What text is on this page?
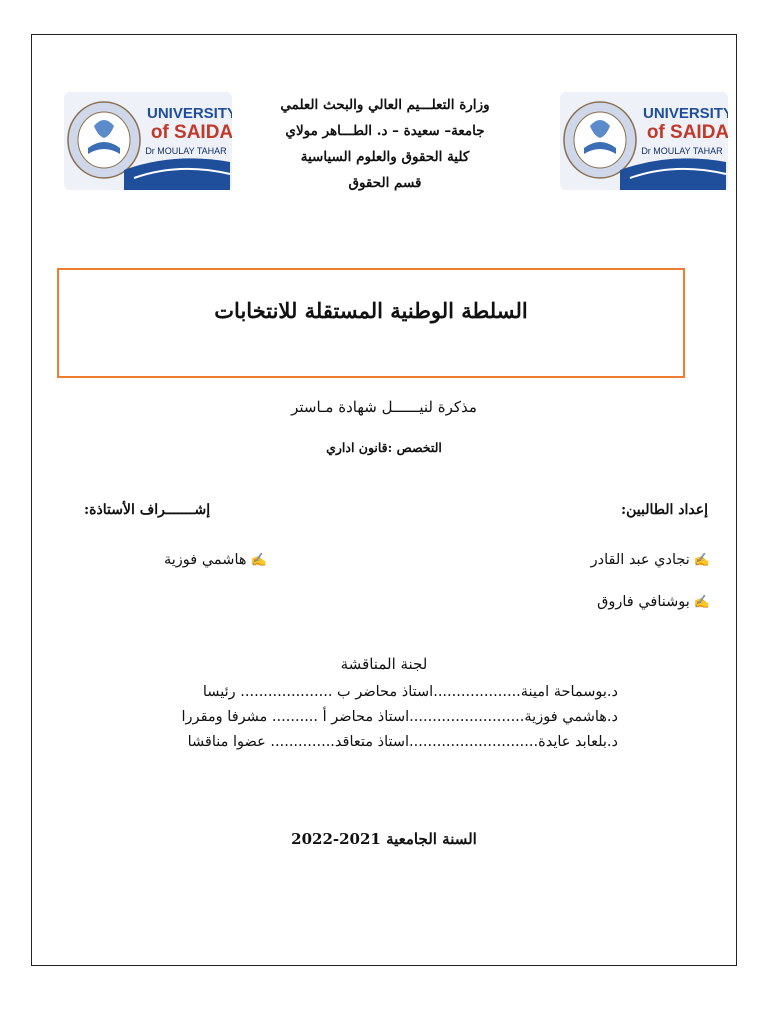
UNIVERSITY
of SAIDA
Dr MOULAY TAHAR
UNIVERSITY
of SAIDA
Dr MOULAY TAHAR
وزارة التعلـــيم العالي والبحث العلمي
جامعة– سعيدة – د. الطـــاهر مولاي
كلية الحقوق والعلوم السياسية
قسم الحقوق
السلطة الوطنية المستقلة للانتخابات
مذكرة لنيــــــل شهادة مـاستر
التخصص :قانون اداري
إعداد الطالبين:
✍نجادي عبد القادر
✍بوشنافي فاروق
إشـــــــراف الأستاذة:
✍هاشمي فوزية
لجنة المناقشة
د.بوسماحة امينة...................استاذ محاضر ب .................... رئيسا
د.هاشمي فوزية.........................استاذ محاضر أ .......... مشرفا ومقررا
د.بلعابد عايدة............................استاذ متعاقد.............. عضوا مناقشا
السنة الجامعية 2021-2022
